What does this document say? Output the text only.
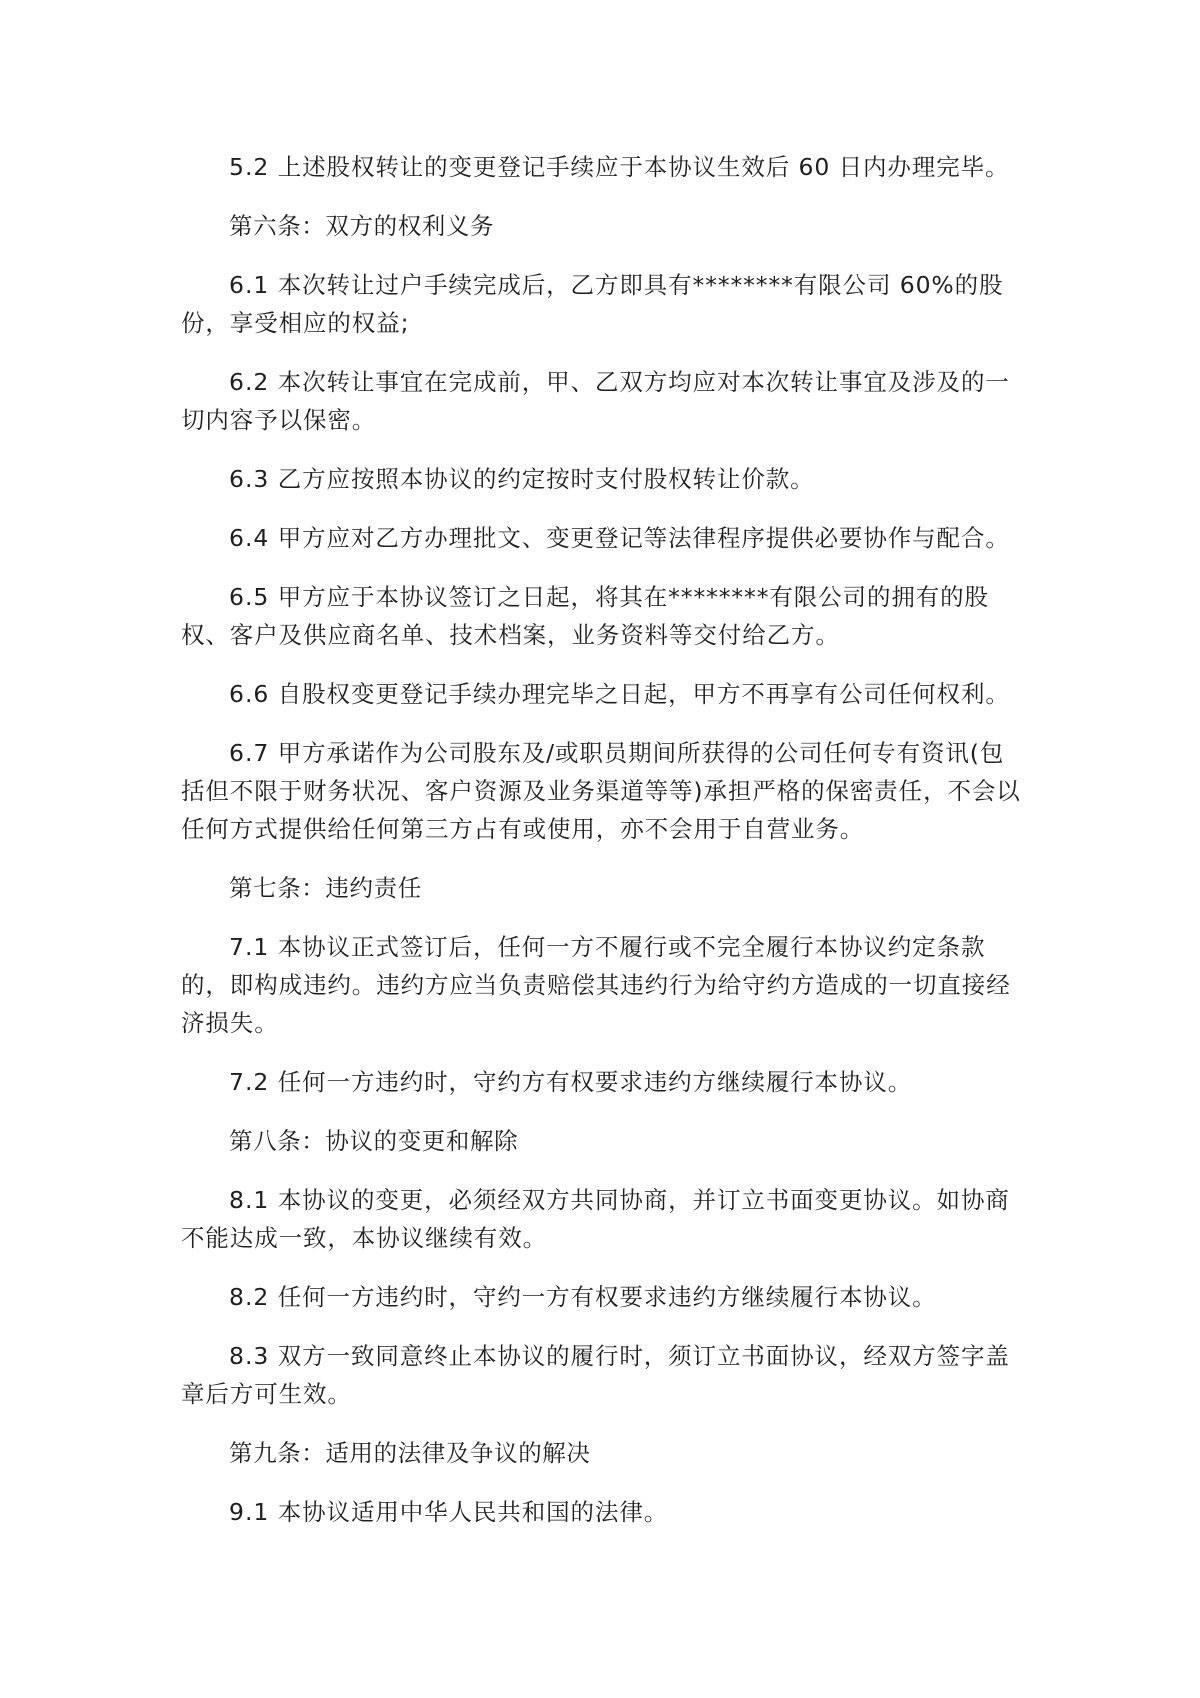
5.2 上述股权转让的变更登记手续应于本协议生效后 60 日内办理完毕。

第六条：双方的权利义务

6.1 本次转让过户手续完成后，乙方即具有********有限公司 60%的股份，享受相应的权益;

6.2 本次转让事宜在完成前，甲、乙双方均应对本次转让事宜及涉及的一切内容予以保密。

6.3 乙方应按照本协议的约定按时支付股权转让价款。

6.4 甲方应对乙方办理批文、变更登记等法律程序提供必要协作与配合。

6.5 甲方应于本协议签订之日起，将其在********有限公司的拥有的股权、客户及供应商名单、技术档案，业务资料等交付给乙方。

6.6 自股权变更登记手续办理完毕之日起，甲方不再享有公司任何权利。

6.7 甲方承诺作为公司股东及/或职员期间所获得的公司任何专有资讯(包括但不限于财务状况、客户资源及业务渠道等等)承担严格的保密责任，不会以任何方式提供给任何第三方占有或使用，亦不会用于自营业务。

第七条：违约责任

7.1 本协议正式签订后，任何一方不履行或不完全履行本协议约定条款的，即构成违约。违约方应当负责赔偿其违约行为给守约方造成的一切直接经济损失。

7.2 任何一方违约时，守约方有权要求违约方继续履行本协议。

第八条：协议的变更和解除

8.1 本协议的变更，必须经双方共同协商，并订立书面变更协议。如协商不能达成一致，本协议继续有效。

8.2 任何一方违约时，守约一方有权要求违约方继续履行本协议。

8.3 双方一致同意终止本协议的履行时，须订立书面协议，经双方签字盖章后方可生效。

第九条：适用的法律及争议的解决

9.1 本协议适用中华人民共和国的法律。
